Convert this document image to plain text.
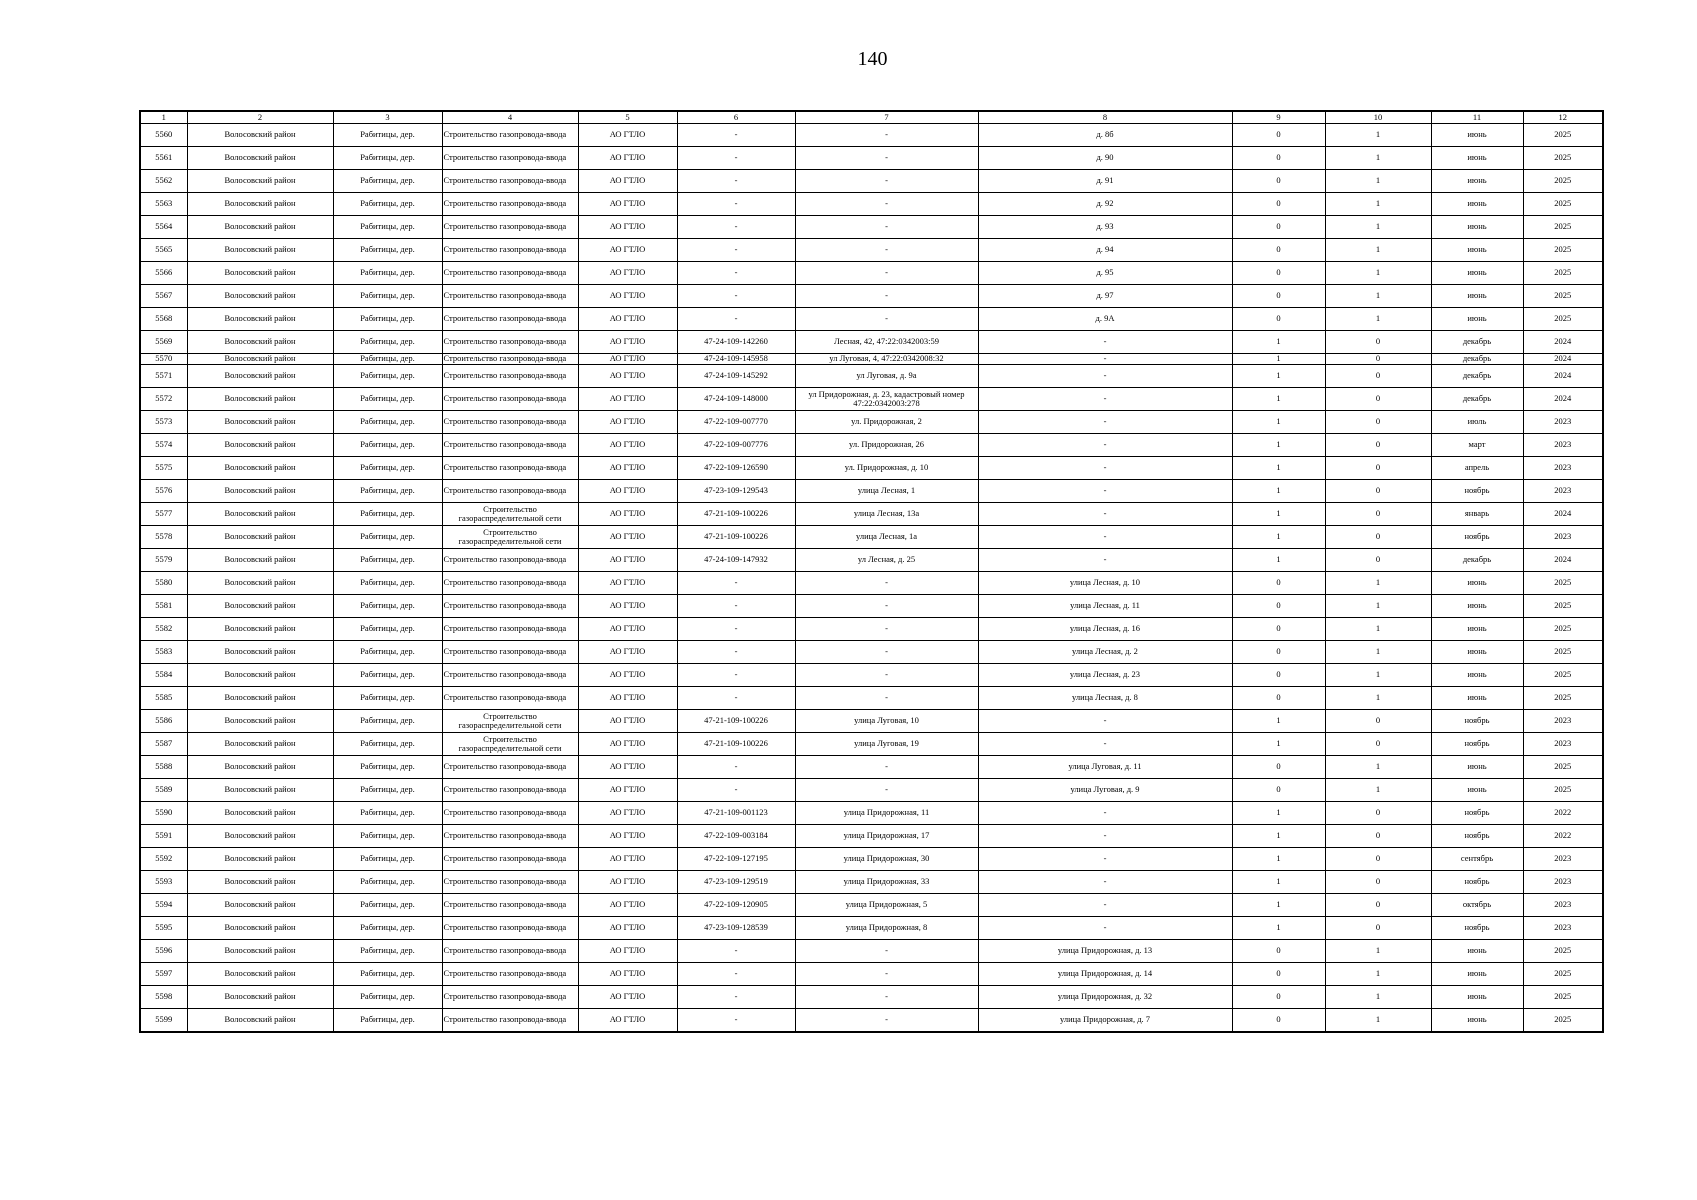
140
1	2	3	4	5	6	7	8	9	10	11	12
5560	Волосовский район	Рабитицы, дер.	Строительство газопровода-ввода	АО ГТЛО	-	-	д. 8б	0	1	июнь	2025
5561	Волосовский район	Рабитицы, дер.	Строительство газопровода-ввода	АО ГТЛО	-	-	д. 90	0	1	июнь	2025
5562	Волосовский район	Рабитицы, дер.	Строительство газопровода-ввода	АО ГТЛО	-	-	д. 91	0	1	июнь	2025
5563	Волосовский район	Рабитицы, дер.	Строительство газопровода-ввода	АО ГТЛО	-	-	д. 92	0	1	июнь	2025
5564	Волосовский район	Рабитицы, дер.	Строительство газопровода-ввода	АО ГТЛО	-	-	д. 93	0	1	июнь	2025
5565	Волосовский район	Рабитицы, дер.	Строительство газопровода-ввода	АО ГТЛО	-	-	д. 94	0	1	июнь	2025
5566	Волосовский район	Рабитицы, дер.	Строительство газопровода-ввода	АО ГТЛО	-	-	д. 95	0	1	июнь	2025
5567	Волосовский район	Рабитицы, дер.	Строительство газопровода-ввода	АО ГТЛО	-	-	д. 97	0	1	июнь	2025
5568	Волосовский район	Рабитицы, дер.	Строительство газопровода-ввода	АО ГТЛО	-	-	д. 9А	0	1	июнь	2025
5569	Волосовский район	Рабитицы, дер.	Строительство газопровода-ввода	АО ГТЛО	47-24-109-142260	Лесная, 42, 47:22:0342003:59	-	1	0	декабрь	2024
5570	Волосовский район	Рабитицы, дер.	Строительство газопровода-ввода	АО ГТЛО	47-24-109-145958	ул Луговая, 4, 47:22:0342008:32	-	1	0	декабрь	2024
5571	Волосовский район	Рабитицы, дер.	Строительство газопровода-ввода	АО ГТЛО	47-24-109-145292	ул Луговая, д. 9а	-	1	0	декабрь	2024
5572	Волосовский район	Рабитицы, дер.	Строительство газопровода-ввода	АО ГТЛО	47-24-109-148000	ул Придорожная, д. 23, кадастровый номер 47:22:0342003:278	-	1	0	декабрь	2024
5573	Волосовский район	Рабитицы, дер.	Строительство газопровода-ввода	АО ГТЛО	47-22-109-007770	ул. Придорожная, 2	-	1	0	июль	2023
5574	Волосовский район	Рабитицы, дер.	Строительство газопровода-ввода	АО ГТЛО	47-22-109-007776	ул. Придорожная, 26	-	1	0	март	2023
5575	Волосовский район	Рабитицы, дер.	Строительство газопровода-ввода	АО ГТЛО	47-22-109-126590	ул. Придорожная, д. 10	-	1	0	апрель	2023
5576	Волосовский район	Рабитицы, дер.	Строительство газопровода-ввода	АО ГТЛО	47-23-109-129543	улица Лесная, 1	-	1	0	ноябрь	2023
5577	Волосовский район	Рабитицы, дер.	Строительство газораспределительной сети	АО ГТЛО	47-21-109-100226	улица Лесная, 13а	-	1	0	январь	2024
5578	Волосовский район	Рабитицы, дер.	Строительство газораспределительной сети	АО ГТЛО	47-21-109-100226	улица Лесная, 1а	-	1	0	ноябрь	2023
5579	Волосовский район	Рабитицы, дер.	Строительство газопровода-ввода	АО ГТЛО	47-24-109-147932	ул Лесная, д. 25	-	1	0	декабрь	2024
5580	Волосовский район	Рабитицы, дер.	Строительство газопровода-ввода	АО ГТЛО	-	-	улица Лесная, д. 10	0	1	июнь	2025
5581	Волосовский район	Рабитицы, дер.	Строительство газопровода-ввода	АО ГТЛО	-	-	улица Лесная, д. 11	0	1	июнь	2025
5582	Волосовский район	Рабитицы, дер.	Строительство газопровода-ввода	АО ГТЛО	-	-	улица Лесная, д. 16	0	1	июнь	2025
5583	Волосовский район	Рабитицы, дер.	Строительство газопровода-ввода	АО ГТЛО	-	-	улица Лесная, д. 2	0	1	июнь	2025
5584	Волосовский район	Рабитицы, дер.	Строительство газопровода-ввода	АО ГТЛО	-	-	улица Лесная, д. 23	0	1	июнь	2025
5585	Волосовский район	Рабитицы, дер.	Строительство газопровода-ввода	АО ГТЛО	-	-	улица Лесная, д. 8	0	1	июнь	2025
5586	Волосовский район	Рабитицы, дер.	Строительство газораспределительной сети	АО ГТЛО	47-21-109-100226	улица Луговая, 10	-	1	0	ноябрь	2023
5587	Волосовский район	Рабитицы, дер.	Строительство газораспределительной сети	АО ГТЛО	47-21-109-100226	улица Луговая, 19	-	1	0	ноябрь	2023
5588	Волосовский район	Рабитицы, дер.	Строительство газопровода-ввода	АО ГТЛО	-	-	улица Луговая, д. 11	0	1	июнь	2025
5589	Волосовский район	Рабитицы, дер.	Строительство газопровода-ввода	АО ГТЛО	-	-	улица Луговая, д. 9	0	1	июнь	2025
5590	Волосовский район	Рабитицы, дер.	Строительство газопровода-ввода	АО ГТЛО	47-21-109-001123	улица Придорожная, 11	-	1	0	ноябрь	2022
5591	Волосовский район	Рабитицы, дер.	Строительство газопровода-ввода	АО ГТЛО	47-22-109-003184	улица Придорожная, 17	-	1	0	ноябрь	2022
5592	Волосовский район	Рабитицы, дер.	Строительство газопровода-ввода	АО ГТЛО	47-22-109-127195	улица Придорожная, 30	-	1	0	сентябрь	2023
5593	Волосовский район	Рабитицы, дер.	Строительство газопровода-ввода	АО ГТЛО	47-23-109-129519	улица Придорожная, 33	-	1	0	ноябрь	2023
5594	Волосовский район	Рабитицы, дер.	Строительство газопровода-ввода	АО ГТЛО	47-22-109-120905	улица Придорожная, 5	-	1	0	октябрь	2023
5595	Волосовский район	Рабитицы, дер.	Строительство газопровода-ввода	АО ГТЛО	47-23-109-128539	улица Придорожная, 8	-	1	0	ноябрь	2023
5596	Волосовский район	Рабитицы, дер.	Строительство газопровода-ввода	АО ГТЛО	-	-	улица Придорожная, д. 13	0	1	июнь	2025
5597	Волосовский район	Рабитицы, дер.	Строительство газопровода-ввода	АО ГТЛО	-	-	улица Придорожная, д. 14	0	1	июнь	2025
5598	Волосовский район	Рабитицы, дер.	Строительство газопровода-ввода	АО ГТЛО	-	-	улица Придорожная, д. 32	0	1	июнь	2025
5599	Волосовский район	Рабитицы, дер.	Строительство газопровода-ввода	АО ГТЛО	-	-	улица Придорожная, д. 7	0	1	июнь	2025
